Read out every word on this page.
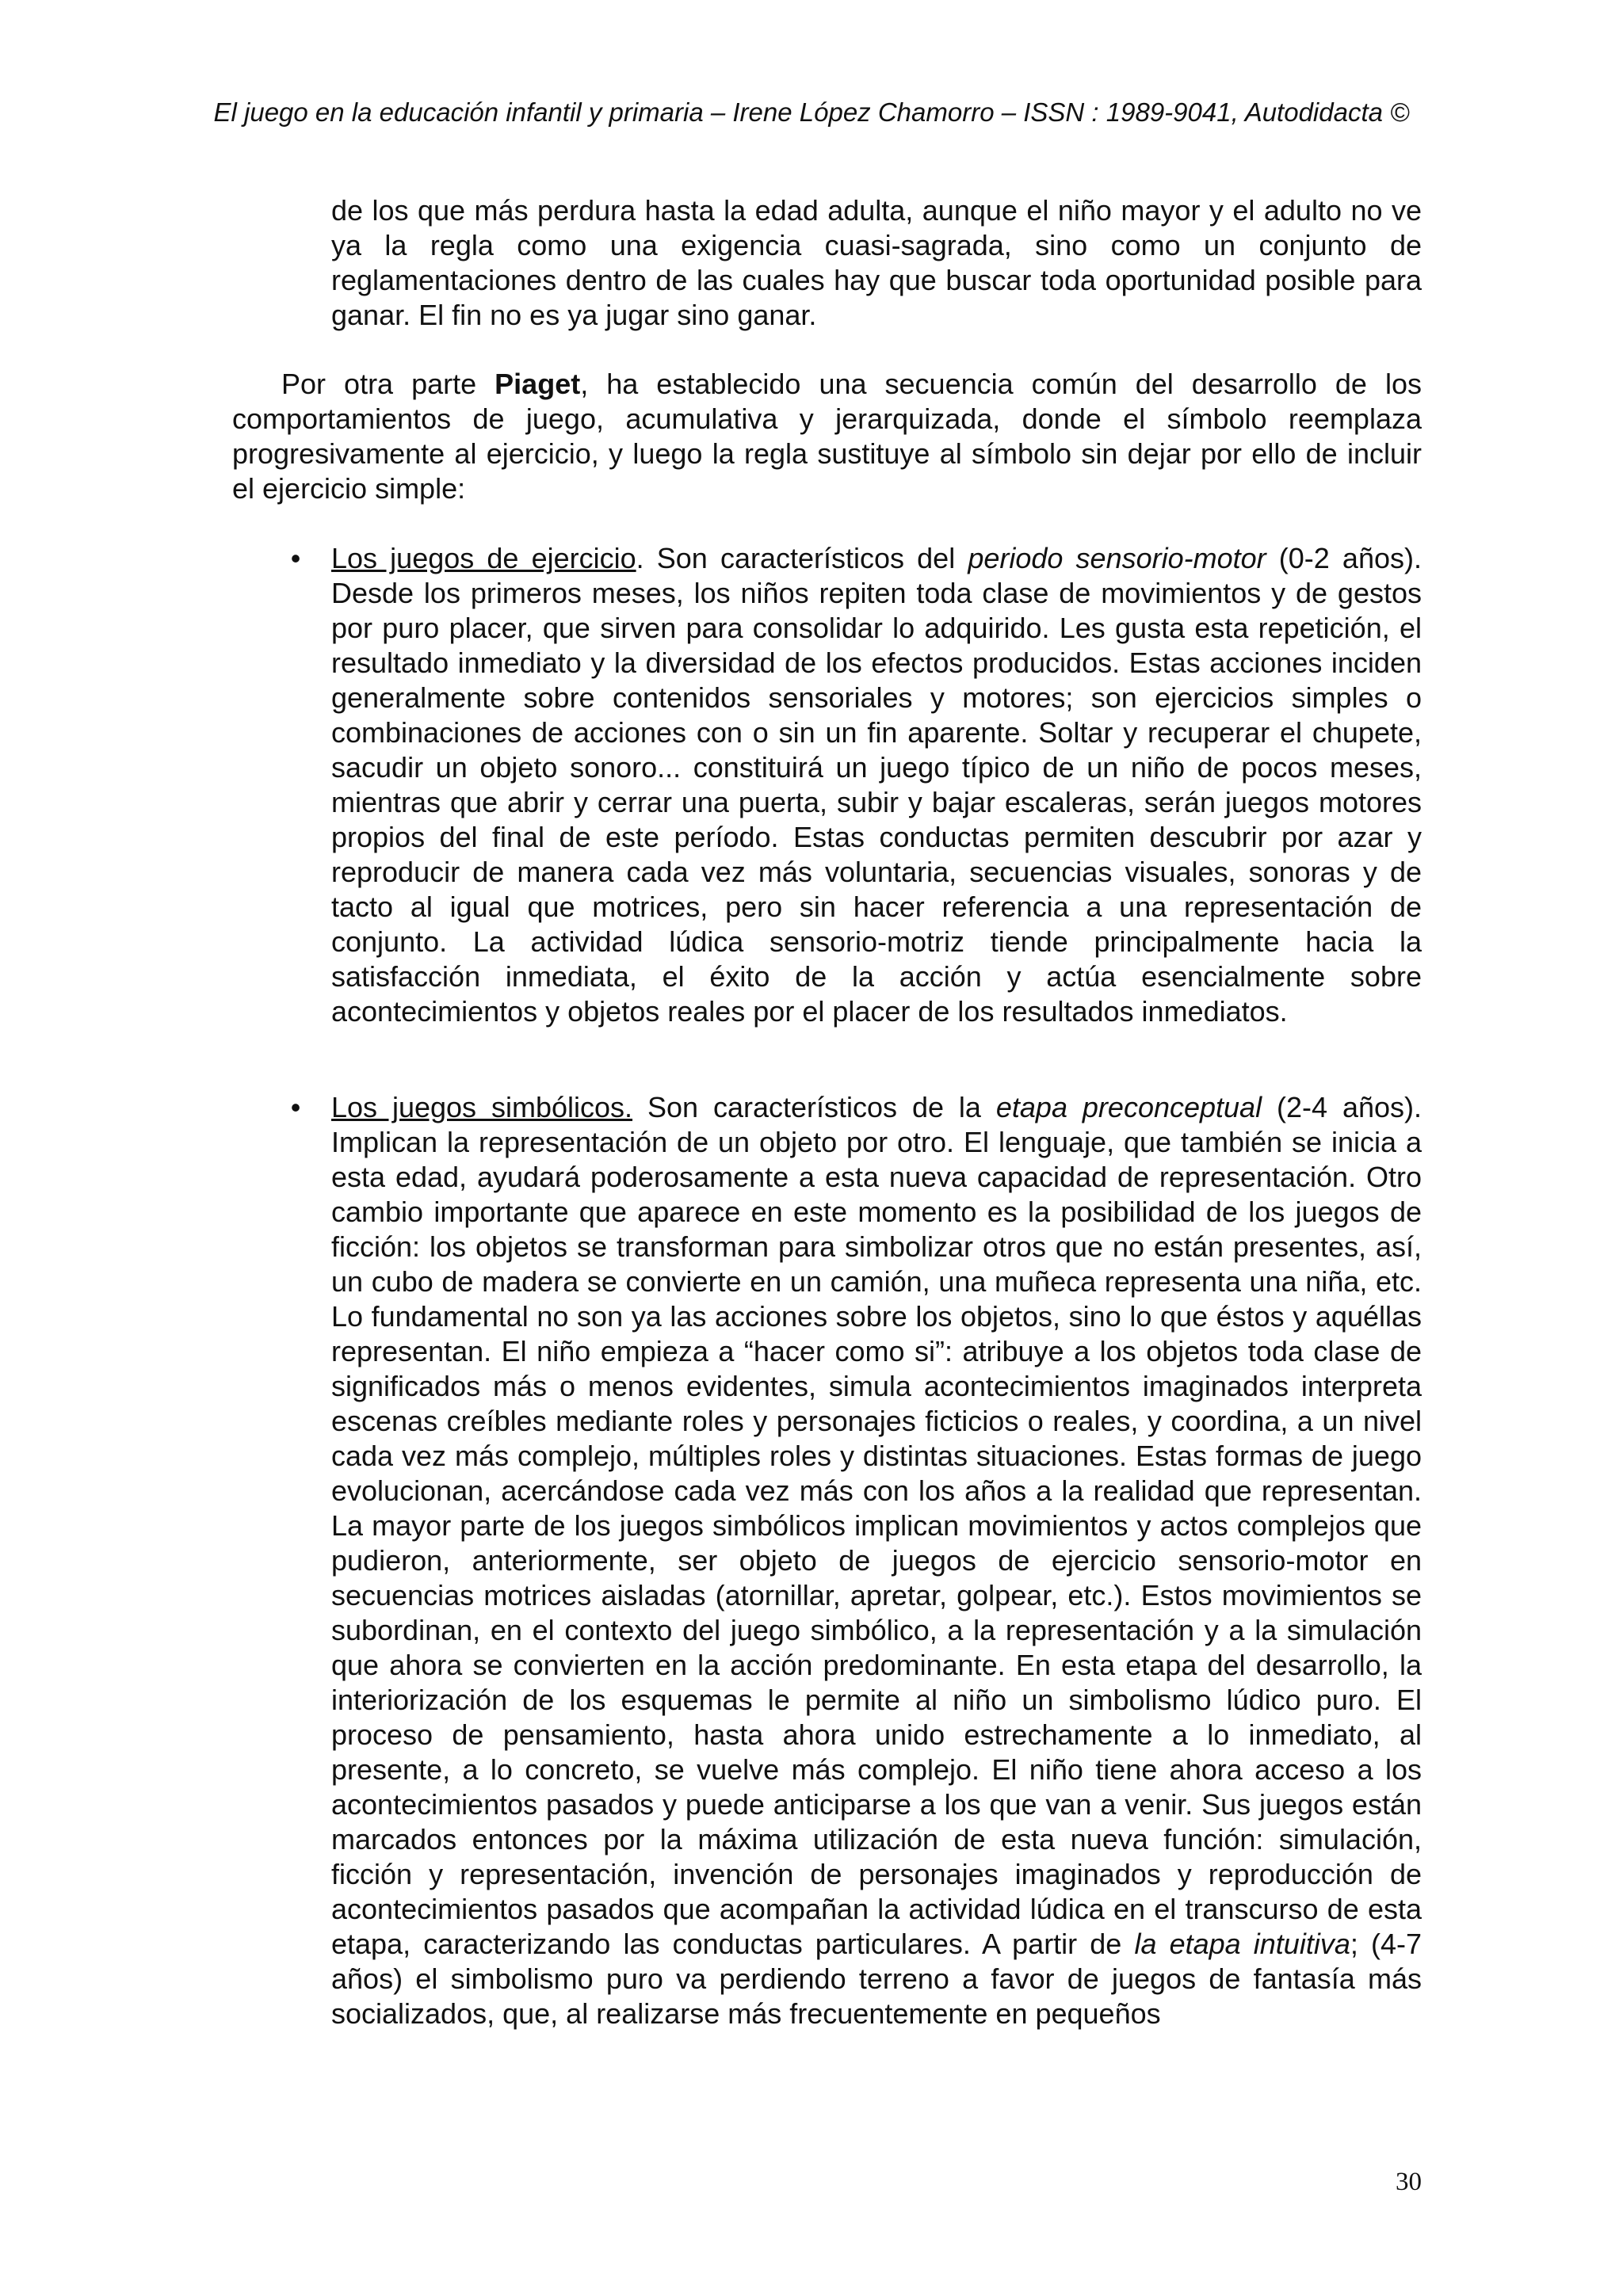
El juego en la educación infantil y primaria – Irene López Chamorro – ISSN : 1989-9041, Autodidacta ©

de los que más perdura hasta la edad adulta, aunque el niño mayor y el adulto no ve ya la regla como una exigencia cuasi-sagrada, sino como un conjunto de reglamentaciones dentro de las cuales hay que buscar toda oportunidad posible para ganar. El fin no es ya jugar sino ganar.

Por otra parte Piaget, ha establecido una secuencia común del desarrollo de los comportamientos de juego, acumulativa y jerarquizada, donde el símbolo reemplaza progresivamente al ejercicio, y luego la regla sustituye al símbolo sin dejar por ello de incluir el ejercicio simple:

• Los juegos de ejercicio. Son característicos del periodo sensorio-motor (0-2 años). Desde los primeros meses, los niños repiten toda clase de movimientos y de gestos por puro placer, que sirven para consolidar lo adquirido. Les gusta esta repetición, el resultado inmediato y la diversidad de los efectos producidos. Estas acciones inciden generalmente sobre contenidos sensoriales y motores; son ejercicios simples o combinaciones de acciones con o sin un fin aparente. Soltar y recuperar el chupete, sacudir un objeto sonoro... constituirá un juego típico de un niño de pocos meses, mientras que abrir y cerrar una puerta, subir y bajar escaleras, serán juegos motores propios del final de este período. Estas conductas permiten descubrir por azar y reproducir de manera cada vez más voluntaria, secuencias visuales, sonoras y de tacto al igual que motrices, pero sin hacer referencia a una representación de conjunto. La actividad lúdica sensorio-motriz tiende principalmente hacia la satisfacción inmediata, el éxito de la acción y actúa esencialmente sobre acontecimientos y objetos reales por el placer de los resultados inmediatos.
• Los juegos simbólicos. Son característicos de la etapa preconceptual (2-4 años). Implican la representación de un objeto por otro. El lenguaje, que también se inicia a esta edad, ayudará poderosamente a esta nueva capacidad de representación. Otro cambio importante que aparece en este momento es la posibilidad de los juegos de ficción: los objetos se transforman para simbolizar otros que no están presentes, así, un cubo de madera se convierte en un camión, una muñeca representa una niña, etc. Lo fundamental no son ya las acciones sobre los objetos, sino lo que éstos y aquéllas representan. El niño empieza a “hacer como si”: atribuye a los objetos toda clase de significados más o menos evidentes, simula acontecimientos imaginados interpreta escenas creíbles mediante roles y personajes ficticios o reales, y coordina, a un nivel cada vez más complejo, múltiples roles y distintas situaciones. Estas formas de juego evolucionan, acercándose cada vez más con los años a la realidad que representan. La mayor parte de los juegos simbólicos implican movimientos y actos complejos que pudieron, anteriormente, ser objeto de juegos de ejercicio sensorio-motor en secuencias motrices aisladas (atornillar, apretar, golpear, etc.). Estos movimientos se subordinan, en el contexto del juego simbólico, a la representación y a la simulación que ahora se convierten en la acción predominante. En esta etapa del desarrollo, la interiorización de los esquemas le permite al niño un simbolismo lúdico puro. El proceso de pensamiento, hasta ahora unido estrechamente a lo inmediato, al presente, a lo concreto, se vuelve más complejo. El niño tiene ahora acceso a los acontecimientos pasados y puede anticiparse a los que van a venir. Sus juegos están marcados entonces por la máxima utilización de esta nueva función: simulación, ficción y representación, invención de personajes imaginados y reproducción de acontecimientos pasados que acompañan la actividad lúdica en el transcurso de esta etapa, caracterizando las conductas particulares. A partir de la etapa intuitiva; (4-7 años) el simbolismo puro va perdiendo terreno a favor de juegos de fantasía más socializados, que, al realizarse más frecuentemente en pequeños
30
